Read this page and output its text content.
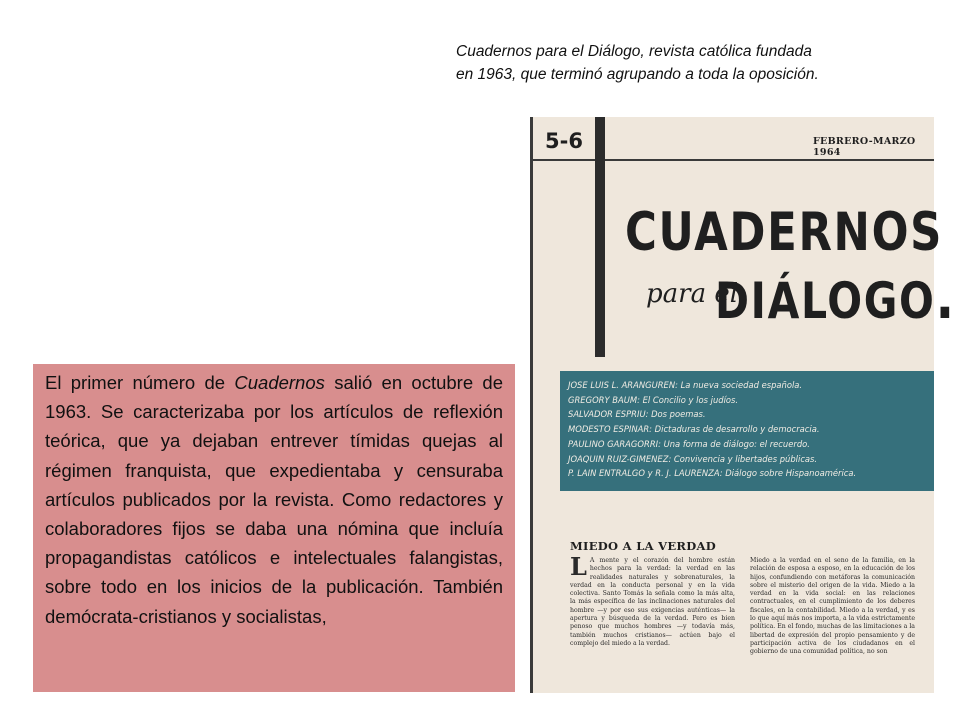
Cuadernos para el Diálogo, revista católica fundada
en 1963, que terminó agrupando a toda la oposición.
5-6	FEBRERO-MARZO 1964
CUADERNOS
para el
DIÁLOGO.
JOSE LUIS L. ARANGUREN: La nueva sociedad española.
GREGORY BAUM: El Concilio y los judíos.
SALVADOR ESPRIU: Dos poemas.
MODESTO ESPINAR: Dictaduras de desarrollo y democracia.
PAULINO GARAGORRI: Una forma de diálogo: el recuerdo.
JOAQUIN RUIZ-GIMENEZ: Convivencia y libertades públicas.
P. LAIN ENTRALGO y R. J. LAURENZA: Diálogo sobre Hispanoamérica.
MIEDO A LA VERDAD
L A mente y el corazón del hombre están hechos para la verdad: la verdad en las realidades naturales y sobrenaturales, la verdad en la conducta personal y en la vida colectiva. Santo Tomás la señala como la más alta, la más específica de las inclinaciones naturales del hombre —y por eso sus exigencias auténticas— la apertura y búsqueda de la verdad. Pero es bien penoso que muchos hombres —y todavía más, también muchos cristianos— actúen bajo el complejo del miedo a la verdad.
Miedo a la verdad en el seno de la familia, en la relación de esposa a esposo, en la educación de los hijos, confundiendo con metáforas la comunicación sobre el misterio del origen de la vida. Miedo a la verdad en la vida social: en las relaciones contractuales, en el cumplimiento de los deberes fiscales, en la contabilidad. Miedo a la verdad, y es lo que aquí más nos importa, a la vida estrictamente política. En el fondo, muchas de las limitaciones a la libertad de expresión del propio pensamiento y de participación activa de los ciudadanos en el gobierno de una comunidad política, no son
El primer número de Cuadernos salió en octubre de 1963. Se caracterizaba por los artículos de reflexión teórica, que ya dejaban entrever tímidas quejas al régimen franquista, que expedientaba y censuraba artículos publicados por la revista. Como redactores y colaboradores fijos se daba una nómina que incluía propagandistas católicos e intelectuales falangistas, sobre todo en los inicios de la publicación. También demócrata-cristianos y socialistas,
